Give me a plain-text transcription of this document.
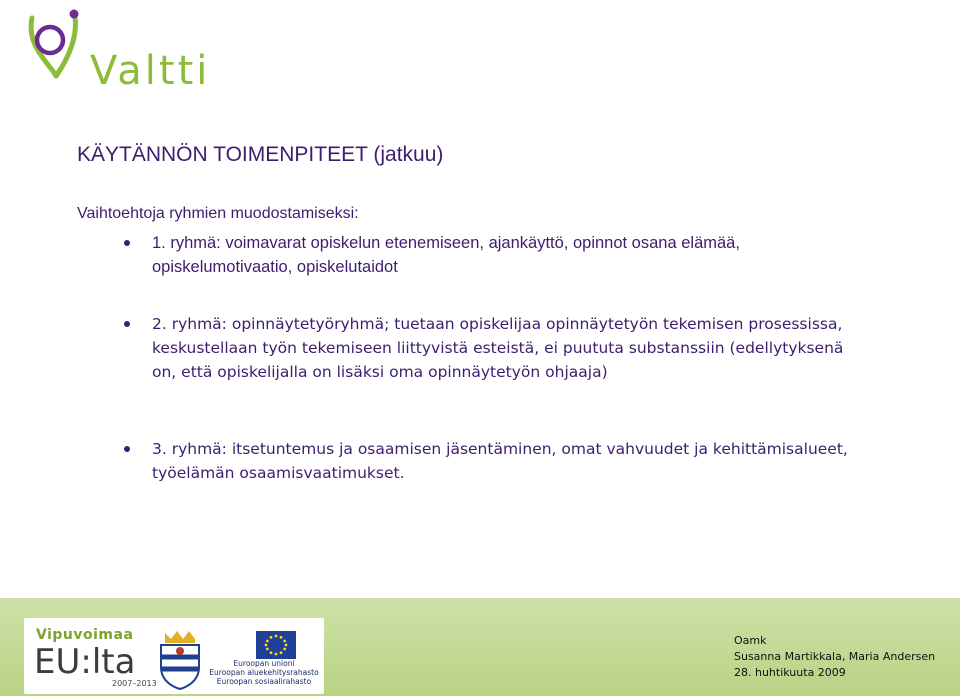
Valtti
KÄYTÄNNÖN TOIMENPITEET (jatkuu)
Vaihtoehtoja ryhmien muodostamiseksi:
1. ryhmä: voimavarat opiskelun etenemiseen, ajankäyttö, opinnot osana elämää, opiskelumotivaatio, opiskelutaidot
2. ryhmä: opinnäytetyöryhmä; tuetaan opiskelijaa opinnäytetyön tekemisen prosessissa, keskustellaan työn tekemiseen liittyvistä esteistä, ei puututa substanssiin (edellytyksenä on, että opiskelijalla on lisäksi oma opinnäytetyön ohjaaja)
3. ryhmä: itsetuntemus ja osaamisen jäsentäminen, omat vahvuudet ja kehittämisalueet, työelämän osaamisvaatimukset.
Vipuvoimaa
EU:lta
2007–2013
Euroopan unioni
Euroopan aluekehitysrahasto
Euroopan sosiaalirahasto
Oamk
Susanna Martikkala, Maria Andersen
28. huhtikuuta 2009
